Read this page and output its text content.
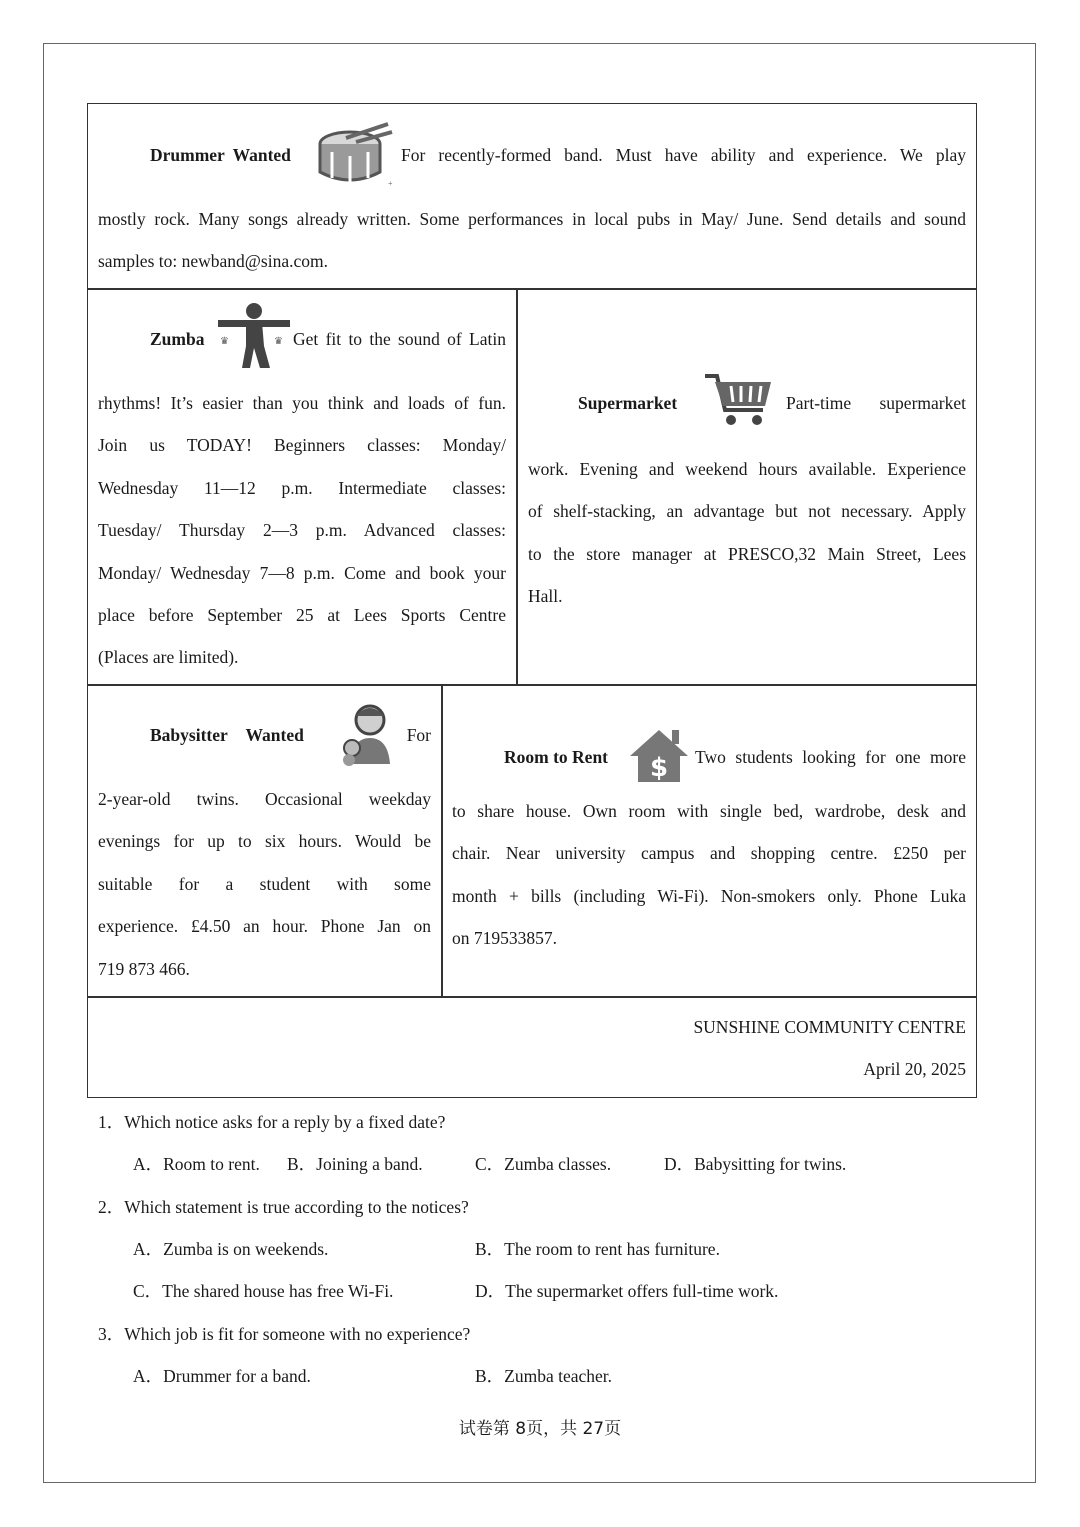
Drummer Wanted
+
For recently-formed band. Must have ability and experience. We play
mostly rock. Many songs already written. Some performances in local pubs in May/ June. Send details and sound
samples to: newband@sina.com.
Zumba ♛	♛ Get fit to the sound of Latin
rhythms! It’s easier than you think and loads of fun.
Join us TODAY! Beginners classes: Monday/
Wednesday 11—12 p.m. Intermediate classes:
Tuesday/ Thursday 2—3 p.m. Advanced classes:
Monday/ Wednesday 7—8 p.m. Come and book your
place before September 25 at Lees Sports Centre
(Places are limited).
Supermarket	Part-time supermarket
work. Evening and weekend hours available. Experience
of shelf-stacking, an advantage but not necessary. Apply
to the store manager at PRESCO,32 Main Street, Lees
Hall.
Babysitter Wanted	For
2-year-old twins. Occasional weekday
evenings for up to six hours. Would be
suitable for a student with some
experience. £4.50 an hour. Phone Jan on
719 873 466.
Room to Rent $ Two students looking for one more
to share house. Own room with single bed, wardrobe, desk and
chair. Near university campus and shopping centre. £250 per
month + bills (including Wi-Fi). Non-smokers only. Phone Luka
on 719533857.
SUNSHINE COMMUNITY CENTRE
April 20, 2025
1．Which notice asks for a reply by a fixed date?
A．Room to rent. B．Joining a band.	C．Zumba classes.	D．Babysitting for twins.
2．Which statement is true according to the notices?
A．Zumba is on weekends.	B．The room to rent has furniture.
C．The shared house has free Wi-Fi.	D．The supermarket offers full-time work.
3．Which job is fit for someone with no experience?
A．Drummer for a band.	B．Zumba teacher.
试卷第 8页，共 27页
